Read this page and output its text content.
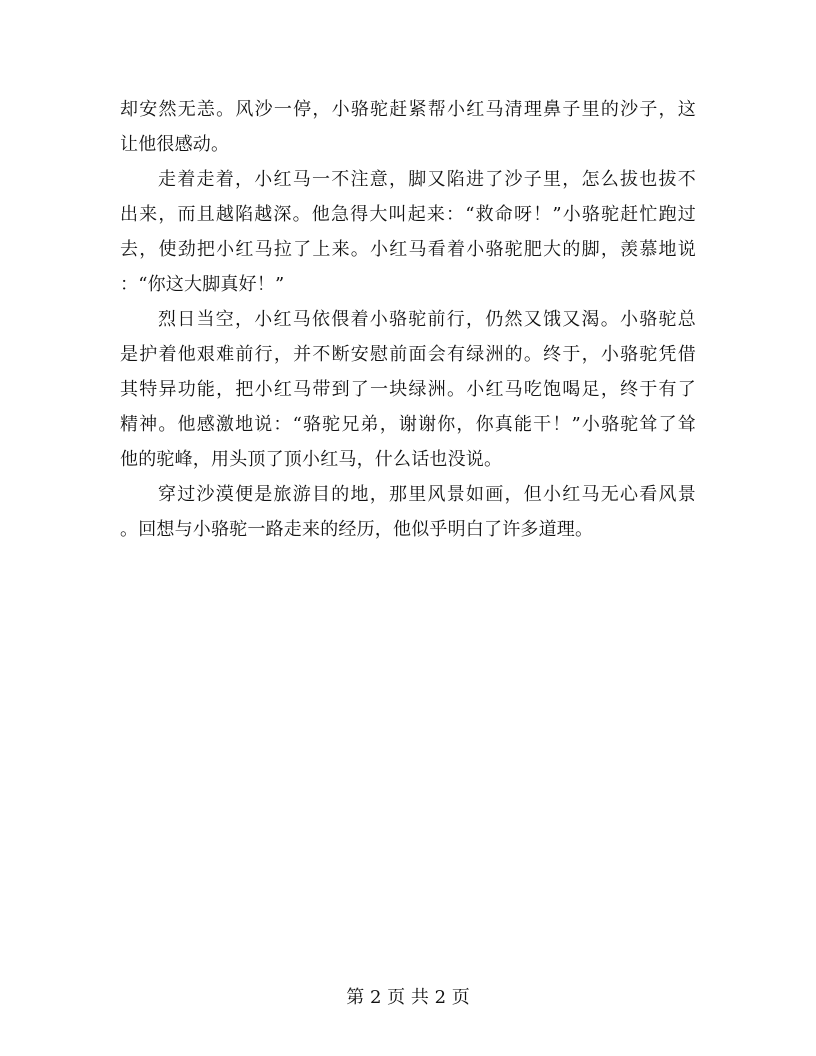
却安然无恙。风沙一停，小骆驼赶紧帮小红马清理鼻子里的沙子，这
让他很感动。
走着走着，小红马一不注意，脚又陷进了沙子里，怎么拔也拔不
出来，而且越陷越深。他急得大叫起来：“救命呀！”小骆驼赶忙跑过
去，使劲把小红马拉了上来。小红马看着小骆驼肥大的脚，羡慕地说
：“你这大脚真好！”
烈日当空，小红马依偎着小骆驼前行，仍然又饿又渴。小骆驼总
是护着他艰难前行，并不断安慰前面会有绿洲的。终于，小骆驼凭借
其特异功能，把小红马带到了一块绿洲。小红马吃饱喝足，终于有了
精神。他感激地说：“骆驼兄弟，谢谢你，你真能干！”小骆驼耸了耸
他的驼峰，用头顶了顶小红马，什么话也没说。
穿过沙漠便是旅游目的地，那里风景如画，但小红马无心看风景
。回想与小骆驼一路走来的经历，他似乎明白了许多道理。
第 2 页 共 2 页
